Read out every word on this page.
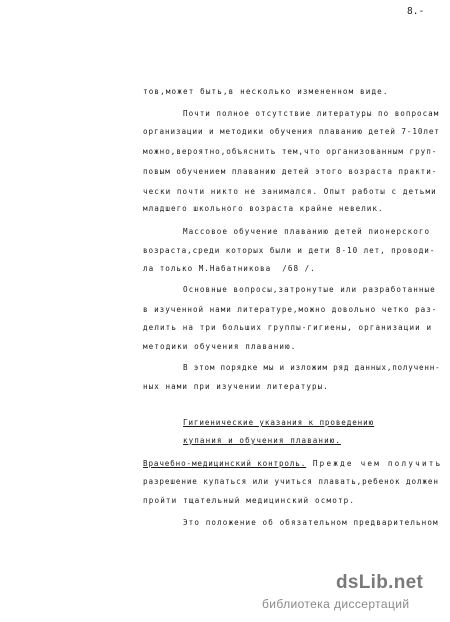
8.-
тов,может быть,в несколько измененном виде.
Почти полное отсутствие литературы по вопросам
организации и методики обучения плаванию детей 7-10лет
можно,вероятно,объяснить тем,что организованным груп-
повым обучением плаванию детей этого возраста практи-
чески почти никто не занимался. Опыт работы с детьми
младшего школьного возраста крайне невелик.
Массовое обучение плаванию детей пионерского
возраста,среди которых были и дети 8-10 лет, проводи-
ла только М.Набатникова  /68 /.
Основные вопросы,затронутые или разработанные
в изученной нами литературе,можно довольно четко раз-
делить на три больших группы-гигиены, организации и
методики обучения плаванию.
В этом порядке мы и изложим ряд данных,полученн-
ных нами при изучении литературы.
Гигиенические указания к проведению
купания и обучения плаванию.
Врачебно-медицинский контроль. Прежде чем получить
разрешение купаться или учиться плавать,ребенок должен
пройти тщательный медицинский осмотр.
Это положение об обязательном предварительном
dsLib.net
библиотека диссертаций
